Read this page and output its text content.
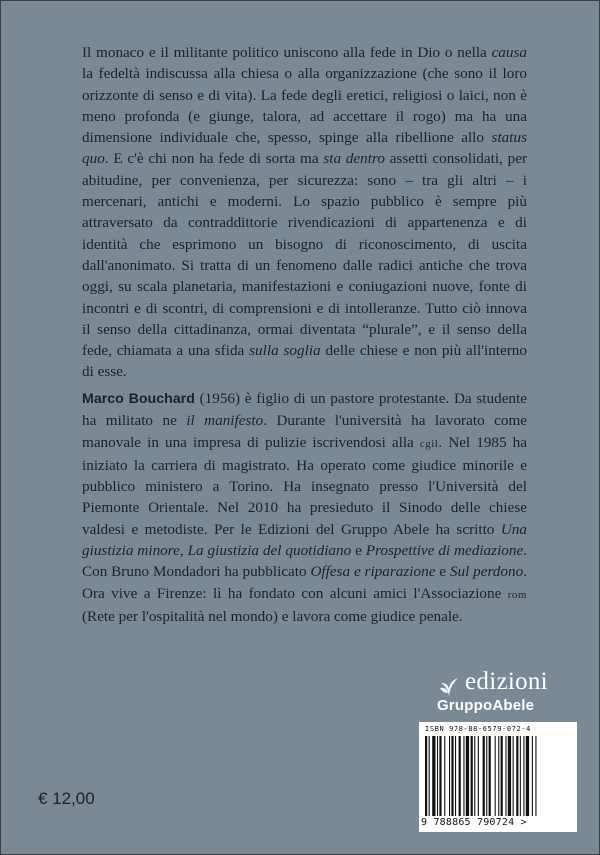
Il monaco e il militante politico uniscono alla fede in Dio o nella causa la fedeltà indiscussa alla chiesa o alla organizzazione (che sono il loro orizzonte di senso e di vita). La fede degli eretici, religiosi o laici, non è meno profonda (e giunge, talora, ad accettare il rogo) ma ha una dimensione individuale che, spesso, spinge alla ribellione allo status quo. E c'è chi non ha fede di sorta ma sta dentro assetti consolidati, per abitudine, per convenienza, per sicurezza: sono – tra gli altri – i mercenari, antichi e moderni. Lo spazio pubblico è sempre più attraversato da contraddittorie rivendicazioni di appartenenza e di identità che esprimono un bisogno di riconoscimento, di uscita dall'anonimato. Si tratta di un fenomeno dalle radici antiche che trova oggi, su scala planetaria, manifestazioni e coniugazioni nuove, fonte di incontri e di scontri, di comprensioni e di intolleranze. Tutto ciò innova il senso della cittadinanza, ormai diventata “plurale”, e il senso della fede, chiamata a una sfida sulla soglia delle chiese e non più all'interno di esse.

Marco Bouchard (1956) è figlio di un pastore protestante. Da studente ha militato ne il manifesto. Durante l'università ha lavorato come manovale in una impresa di pulizie iscrivendosi alla cgil. Nel 1985 ha iniziato la carriera di magistrato. Ha operato come giudice minorile e pubblico ministero a Torino. Ha insegnato presso l'Università del Piemonte Orientale. Nel 2010 ha presieduto il Sinodo delle chiese valdesi e metodiste. Per le Edizioni del Gruppo Abele ha scritto Una giustizia minore, La giustizia del quotidiano e Prospettive di mediazione. Con Bruno Mondadori ha pubblicato Offesa e riparazione e Sul perdono. Ora vive a Firenze: lì ha fondato con alcuni amici l'Associazione rom (Rete per l'ospitalità nel mondo) e lavora come giudice penale.

edizioni
GruppoAbele
ISBN 978-88-6579-072-4
9 788865 790724 >
€ 12,00
